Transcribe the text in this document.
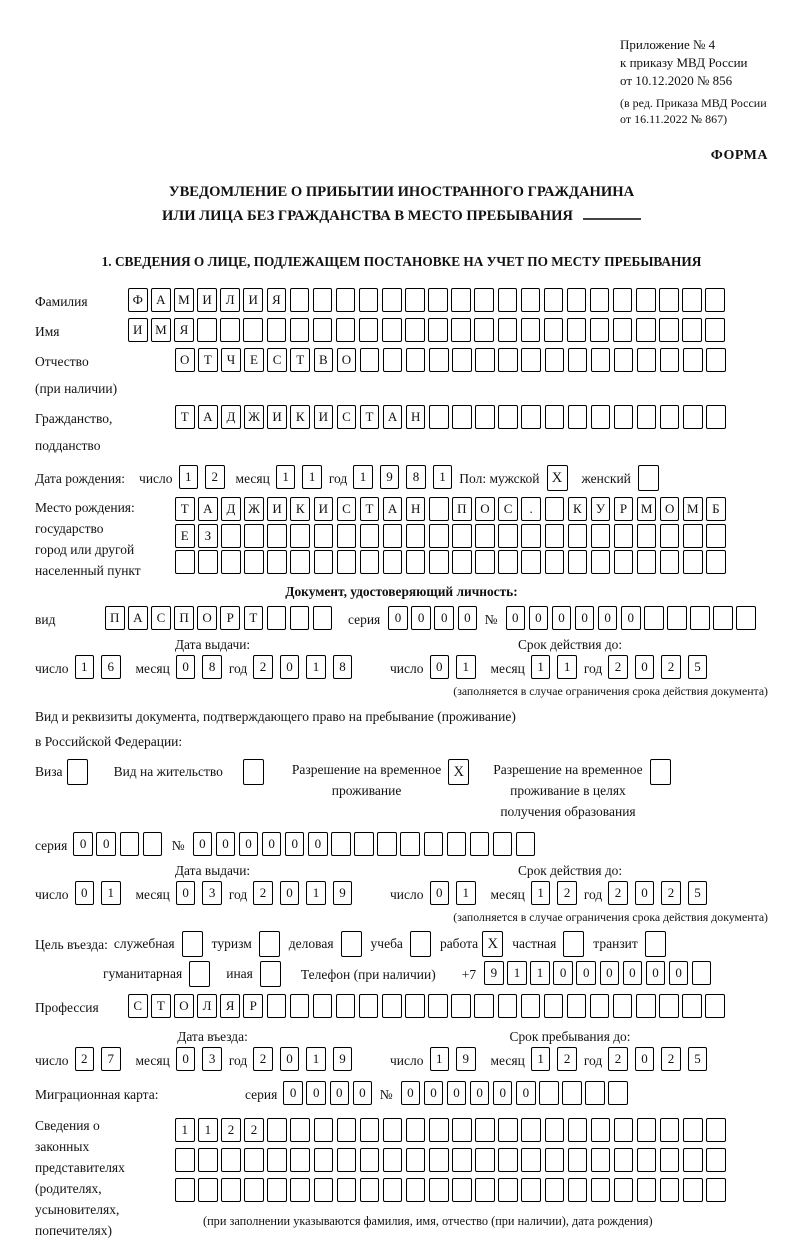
Приложение № 4
к приказу МВД России
от 10.12.2020 № 856
(в ред. Приказа МВД России
от 16.11.2022 № 867)
ФОРМА
УВЕДОМЛЕНИЕ О ПРИБЫТИИ ИНОСТРАННОГО ГРАЖДАНИНА
ИЛИ ЛИЦА БЕЗ ГРАЖДАНСТВА В МЕСТО ПРЕБЫВАНИЯ
1. СВЕДЕНИЯ О ЛИЦЕ, ПОДЛЕЖАЩЕМ ПОСТАНОВКЕ НА УЧЕТ ПО МЕСТУ ПРЕБЫВАНИЯ
Фамилия	Ф	А М И	Л	И	Я
Имя	И М Я
Отчество
(при наличии)
О	Т	Ч	Е	С	Т	В	О
Гражданство,
подданство
Т	А	Д Ж И	К	И	С	Т	А	Н
Дата рождения: число 1	2	месяц 1	1	год 1	9	8	1	Пол: мужской X	женский
Место рождения:
государство
город или другой
населенный пункт
Т	А	Д Ж И	К	И	С	Т	А	Н	П	О	С	.	К	У	Р	М О М	Б
Е	З
Документ, удостоверяющий личность:
вид	П	А	С	П	О	Р	Т	серия	0	0	0	0	№	0	0	0	0	0	0
Дата выдачи:	Срок действия до:
число 1	6	месяц 0	8	год 2	0	1	8	число 0	1	месяц 1	1	год 2	0	2	5
(заполняется в случае ограничения срока действия документа)
Вид и реквизиты документа, подтверждающего право на пребывание (проживание)
в Российской Федерации:
Виза	Вид на жительство	Разрешение на временное
проживание
X	Разрешение на временное
проживание в целях
получения образования
серия 0	0	№	0	0	0	0	0	0
Дата выдачи:	Срок действия до:
число 0	1	месяц 0	3	год 2	0	1	9	число 0	1	месяц 1	2	год 2	0	2	5
(заполняется в случае ограничения срока действия документа)
Цель въезда: служебная	туризм	деловая	учеба	работа X	частная	транзит
гуманитарная	иная	Телефон (при наличии) +7	9	1	1	0	0	0	0	0	0
Профессия	С	Т	О	Л	Я	Р
Дата въезда:	Срок пребывания до:
число 2	7	месяц 0	3	год 2	0	1	9	число 1	9	месяц 1	2	год 2	0	2	5
Миграционная карта:	серия 0	0	0	0	№	0	0	0	0	0	0
Сведения о
законных
представителях
(родителях,
усыновителях,
попечителях)
1	1	2	2
(при заполнении указываются фамилия, имя, отчество (при наличии), дата рождения)
